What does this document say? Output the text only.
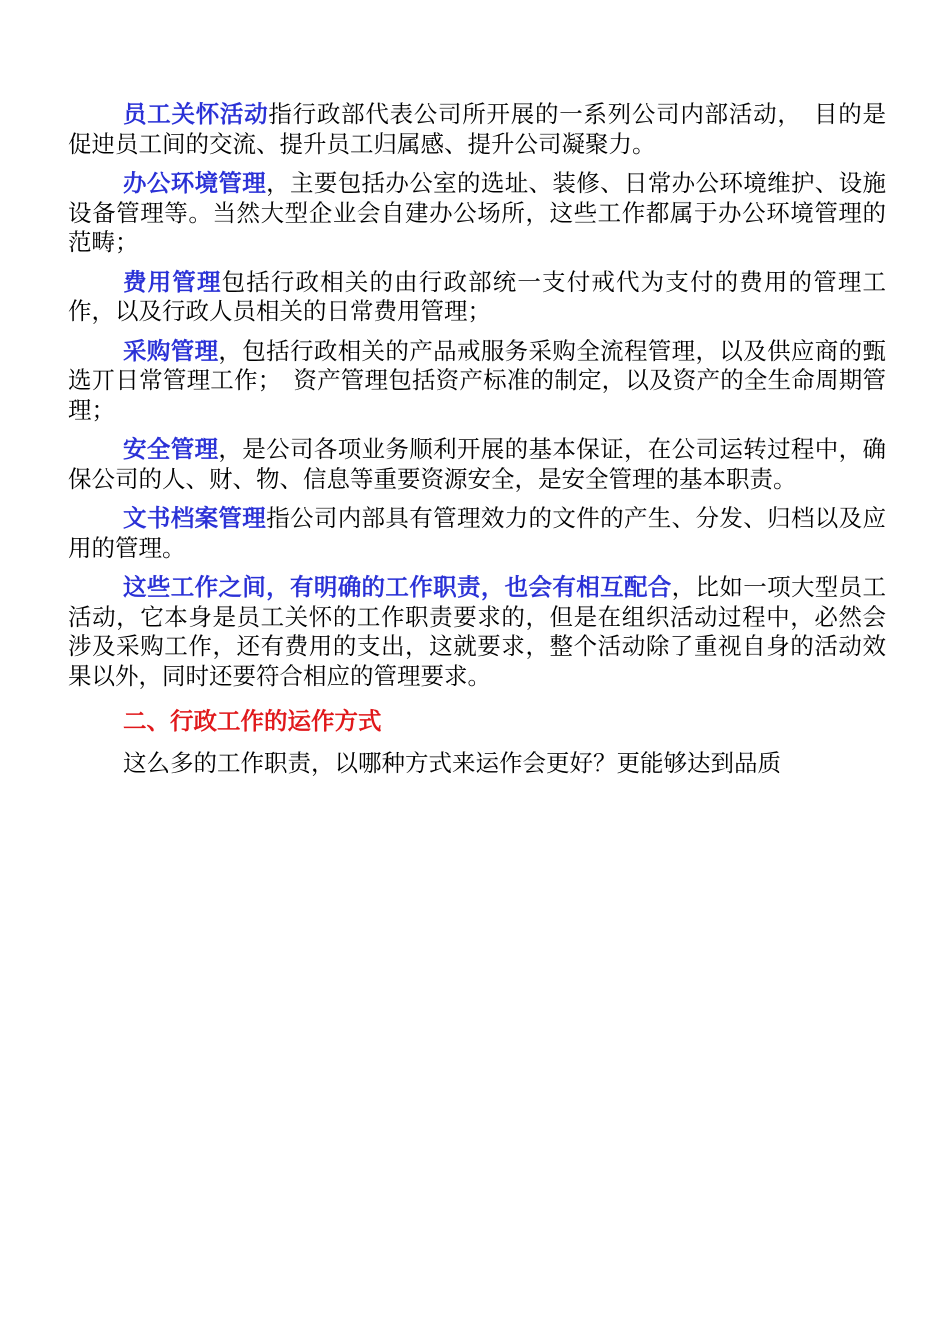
员工关怀活动指行政部代表公司所开展的一系列公司内部活动，　目的是促迚员工间的交流、提升员工归属感、提升公司凝聚力。

办公环境管理，主要包括办公室的选址、装修、日常办公环境维护、设施设备管理等。当然大型企业会自建办公场所，这些工作都属于办公环境管理的范畴；

费用管理包括行政相关的由行政部统一支付戒代为支付的费用的管理工作，以及行政人员相关的日常费用管理；

采购管理，包括行政相关的产品戒服务采购全流程管理，以及供应商的甄选丌日常管理工作；　资产管理包括资产标准的制定，以及资产的全生命周期管理；

安全管理，是公司各项业务顺利开展的基本保证，在公司运转过程中，确保公司的人、财、物、信息等重要资源安全，是安全管理的基本职责。

文书档案管理指公司内部具有管理效力的文件的产生、分发、归档以及应用的管理。

这些工作之间，有明确的工作职责，也会有相互配合，比如一项大型员工活动，它本身是员工关怀的工作职责要求的，但是在组织活动过程中，必然会涉及采购工作，还有费用的支出，这就要求，整个活动除了重视自身的活动效果以外，同时还要符合相应的管理要求。

二、行政工作的运作方式

这么多的工作职责，以哪种方式来运作会更好？更能够达到品质
